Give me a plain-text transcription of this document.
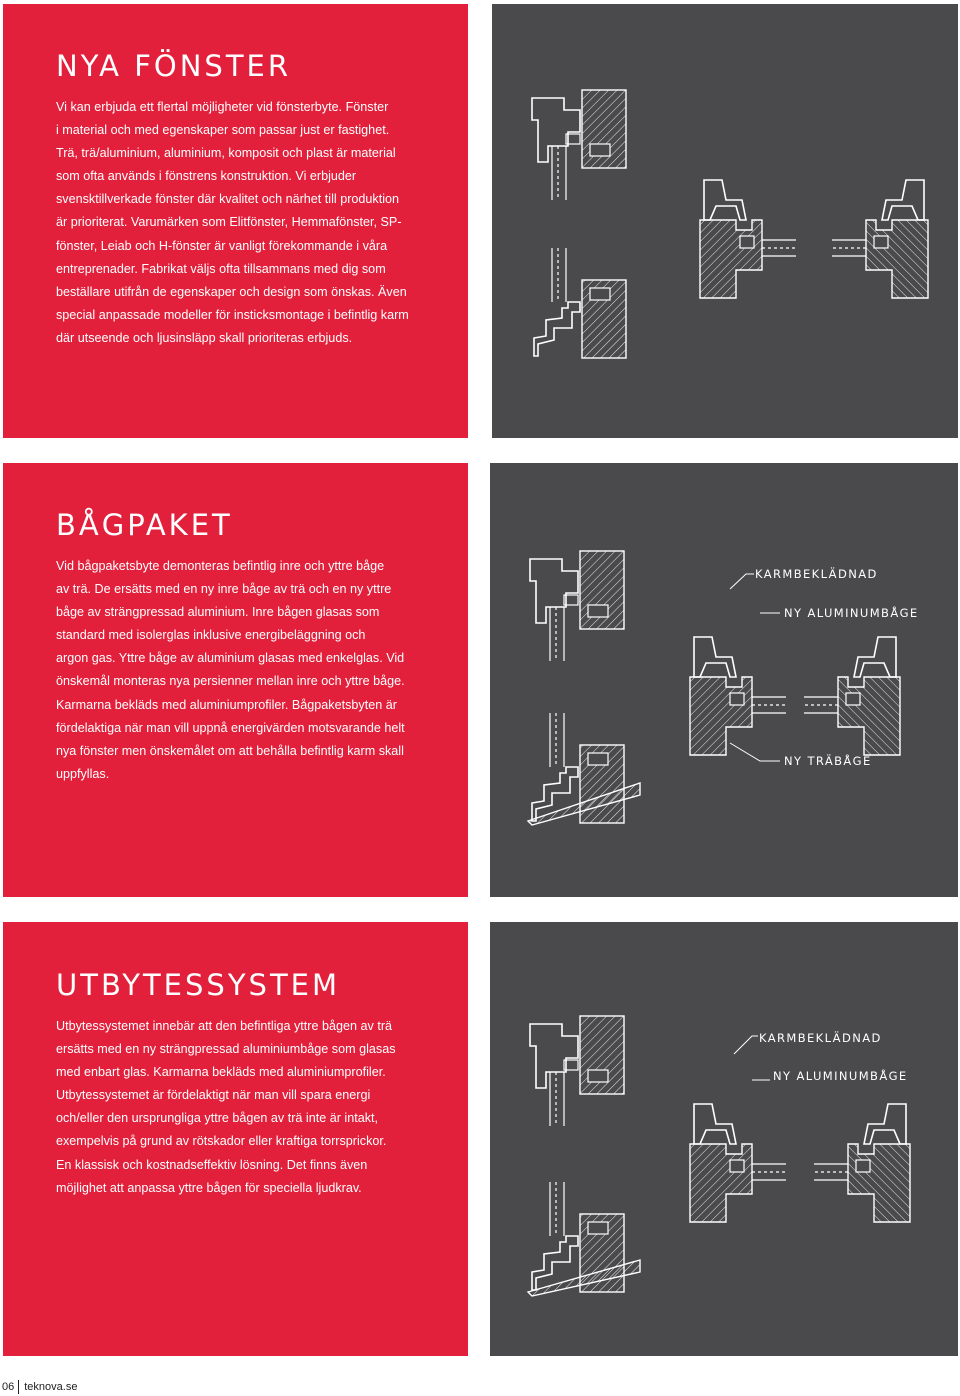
NYA FÖNSTER

Vi kan erbjuda ett flertal möjligheter vid fönsterbyte. Fönster

i material och med egenskaper som passar just er fastighet.

Trä, trä/aluminium, aluminium, komposit och plast är material

som ofta används i fönstrens konstruktion. Vi erbjuder

svensktillverkade fönster där kvalitet och närhet till produktion

är prioriterat. Varumärken som Elitfönster, Hemmafönster, SP-

fönster, Leiab och H-fönster är vanligt förekommande i våra

entreprenader. Fabrikat väljs ofta tillsammans med dig som

beställare utifrån de egenskaper och design som önskas. Även

special anpassade modeller för insticksmontage i befintlig karm

där utseende och ljusinsläpp skall prioriteras erbjuds.

BÅGPAKET

Vid bågpaketsbyte demonteras befintlig inre och yttre båge

av trä. De ersätts med en ny inre båge av trä och en ny yttre

båge av strängpressad aluminium. Inre bågen glasas som

standard med isolerglas inklusive energibeläggning och

argon gas. Yttre båge av aluminium glasas med enkelglas. Vid

önskemål monteras nya persienner mellan inre och yttre båge.

Karmarna bekläds med aluminiumprofiler. Bågpaketsbyten är

fördelaktiga när man vill uppnå energivärden motsvarande helt

nya fönster men önskemålet om att behålla befintlig karm skall

uppfyllas.

KARMBEKLÄDNAD
NY ALUMINUMBÅGE
NY TRÄBÅGE
UTBYTESSYSTEM

Utbytessystemet innebär att den befintliga yttre bågen av trä

ersätts med en ny strängpressad aluminiumbåge som glasas

med enbart glas. Karmarna bekläds med aluminiumprofiler.

Utbytessystemet är fördelaktigt när man vill spara energi

och/eller den ursprungliga yttre bågen av trä inte är intakt,

exempelvis på grund av rötskador eller kraftiga torrsprickor.

En klassisk och kostnadseffektiv lösning. Det finns även

möjlighet att anpassa yttre bågen för speciella ljudkrav.

KARMBEKLÄDNAD
NY ALUMINUMBÅGE
06 teknova.se
